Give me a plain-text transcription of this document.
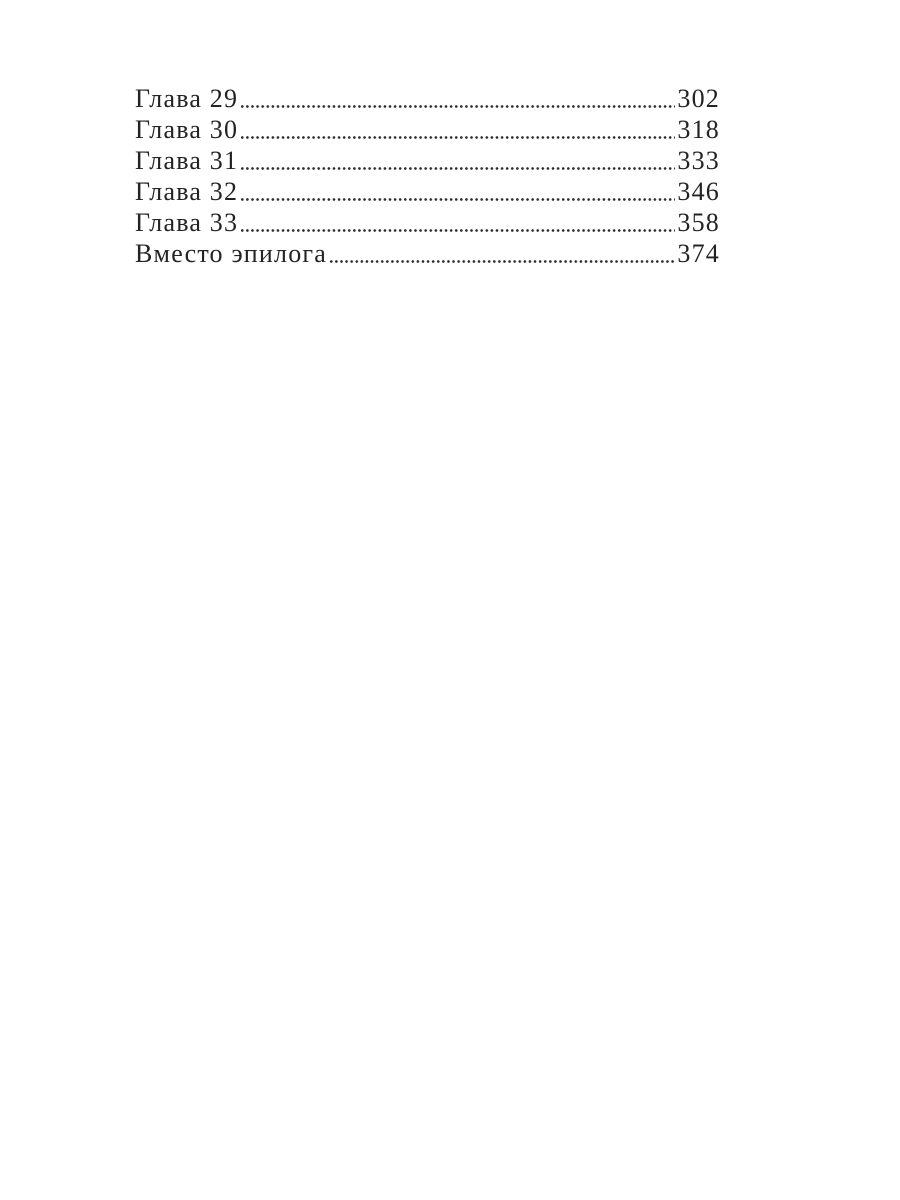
Глава 29	302
Глава 30	318
Глава 31	333
Глава 32	346
Глава 33	358
Вместо эпилога	374
